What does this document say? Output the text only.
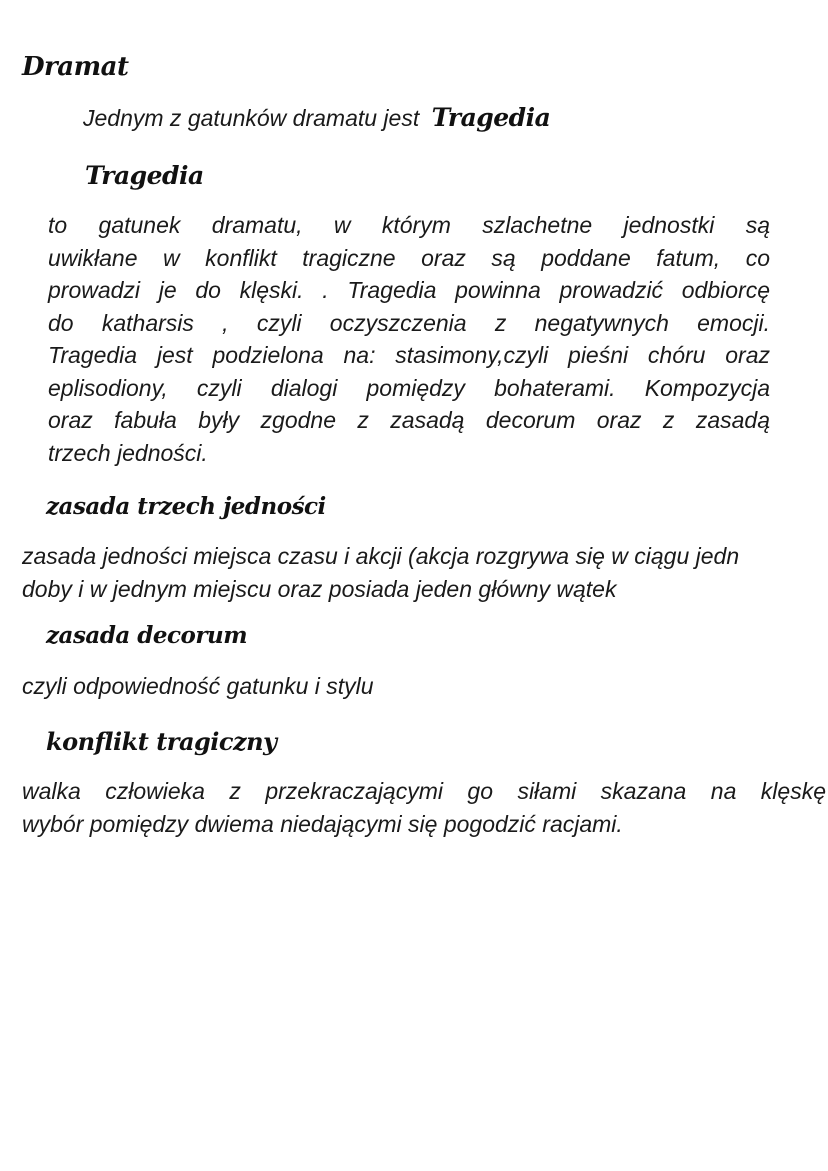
Dramat
Jednym z gatunków dramatu jest Tragedia
Tragedia
to gatunek dramatu, w którym szlachetne jednostki są
uwikłane w konflikt tragiczne oraz są poddane fatum, co
prowadzi je do klęski. . Tragedia powinna prowadzić odbiorcę
do katharsis , czyli oczyszczenia z negatywnych emocji.
Tragedia jest podzielona na: stasimony,czyli pieśni chóru oraz
eplisodiony, czyli dialogi pomiędzy bohaterami. Kompozycja
oraz fabuła były zgodne z zasadą decorum oraz z zasadą
trzech jedności.
zasada trzech jedności
zasada jedności miejsca czasu i akcji (akcja rozgrywa się w ciągu jedn
doby i w jednym miejscu oraz posiada jeden główny wątek
zasada decorum
czyli odpowiedność gatunku i stylu
konflikt tragiczny
walka człowieka z przekraczającymi go siłami skazana na klęskę
wybór pomiędzy dwiema niedającymi się pogodzić racjami.
